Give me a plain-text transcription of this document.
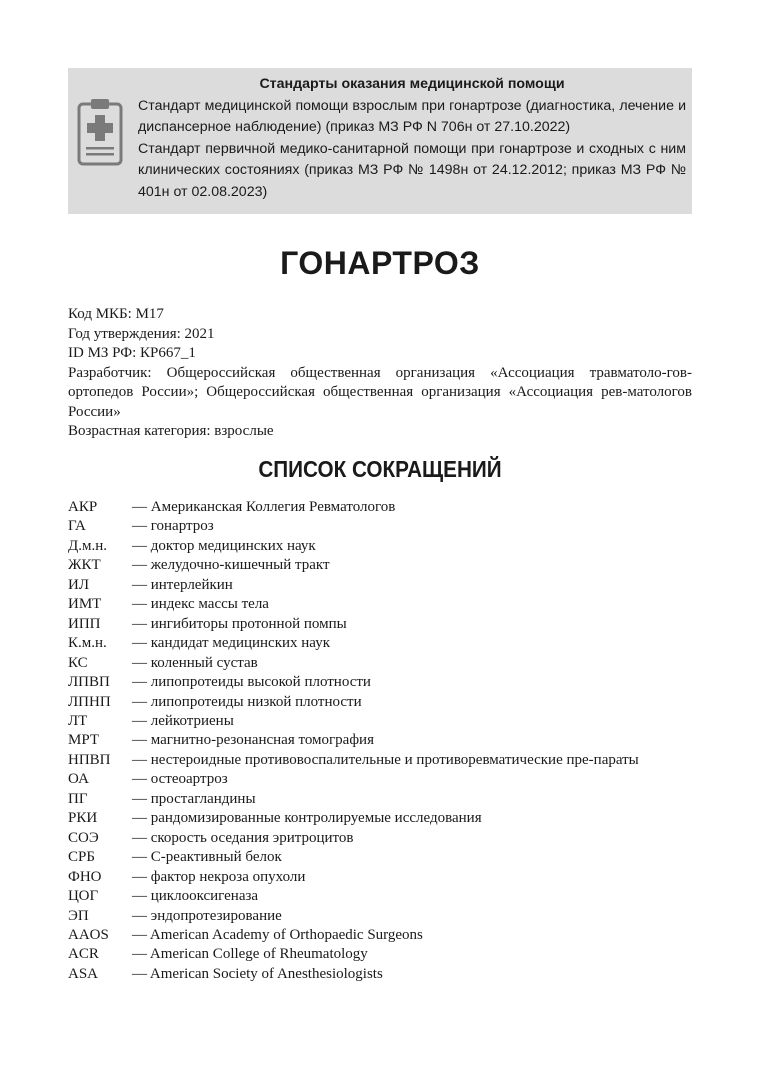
Стандарты оказания медицинской помощи
Стандарт медицинской помощи взрослым при гонартрозе (диагностика, лечение и диспансерное наблюдение) (приказ МЗ РФ N 706н от 27.10.2022)
Стандарт первичной медико-санитарной помощи при гонартрозе и сходных с ним клинических состояниях (приказ МЗ РФ № 1498н от 24.12.2012; приказ МЗ РФ № 401н от 02.08.2023)
ГОНАРТРОЗ
Код МКБ: M17
Год утверждения: 2021
ID МЗ РФ: КР667_1
Разработчик: Общероссийская общественная организация «Ассоциация травматоло-гов-ортопедов России»; Общероссийская общественная организация «Ассоциация рев-матологов России»
Возрастная категория: взрослые
СПИСОК СОКРАЩЕНИЙ
АКР	— Американская Коллегия Ревматологов
ГА	— гонартроз
Д.м.н.	— доктор медицинских наук
ЖКТ	— желудочно-кишечный тракт
ИЛ	— интерлейкин
ИМТ	— индекс массы тела
ИПП	— ингибиторы протонной помпы
К.м.н.	— кандидат медицинских наук
КС	— коленный сустав
ЛПВП	— липопротеиды высокой плотности
ЛПНП	— липопротеиды низкой плотности
ЛТ	— лейкотриены
МРТ	— магнитно-резонансная томография
НПВП	— нестероидные противовоспалительные и противоревматические пре-параты
ОА	— остеоартроз
ПГ	— простагландины
РКИ	— рандомизированные контролируемые исследования
СОЭ	— скорость оседания эритроцитов
СРБ	— С-реактивный белок
ФНО	— фактор некроза опухоли
ЦОГ	— циклооксигеназа
ЭП	— эндопротезирование
AAOS	— American Academy of Orthopaedic Surgeons
ACR	— American College of Rheumatology
ASA	— American Society of Anesthesiologists
